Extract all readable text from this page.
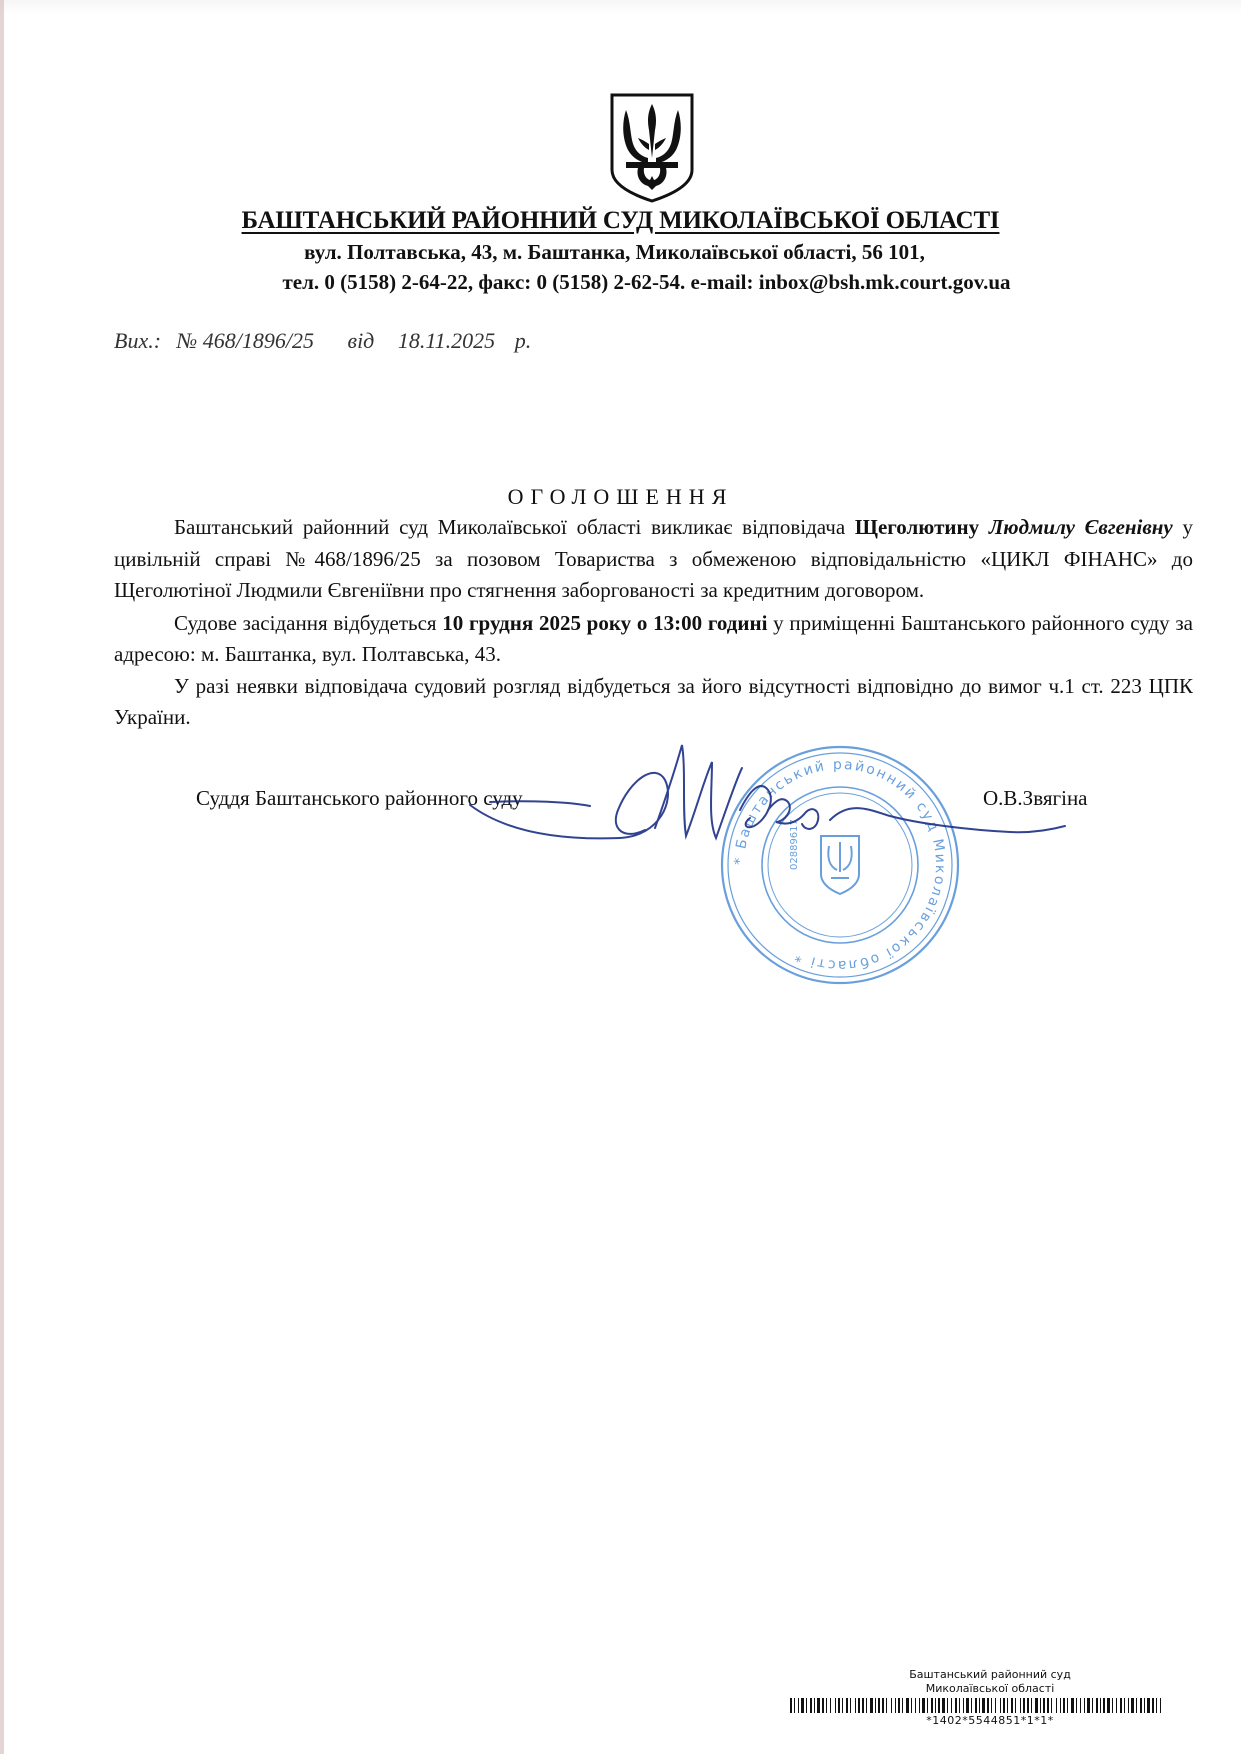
БАШТАНСЬКИЙ РАЙОННИЙ СУД МИКОЛАЇВСЬКОЇ ОБЛАСТІ
вул. Полтавська, 43, м. Баштанка, Миколаївської області, 56 101,
тел. 0 (5158) 2-64-22, факс: 0 (5158) 2-62-54. e-mail: inbox@bsh.mk.court.gov.ua
Вих.: № 468/1896/25 від 18.11.2025 р.
ОГОЛОШЕННЯ

Баштанський районний суд Миколаївської області викликає відповідача Щеголютину Людмилу Євгенівну у цивільній справі №468/1896/25 за позовом Товариства з обмеженою відповідальністю «ЦИКЛ ФІНАНС» до Щеголютіної Людмили Євгеніївни про стягнення заборгованості за кредитним договором.

Судове засідання відбудеться 10 грудня 2025 року о 13:00 годині у приміщенні Баштанського районного суду за адресою: м. Баштанка, вул. Полтавська, 43.

У разі неявки відповідача судовий розгляд відбудеться за його відсутності відповідно до вимог ч.1 ст. 223 ЦПК України.

Суддя Баштанського районного суду	О.В.Звягіна
* Баштанський районний суд Миколаївської області *
02889617
Баштанський районний суд
Миколаївської області
*1402*5544851*1*1*
